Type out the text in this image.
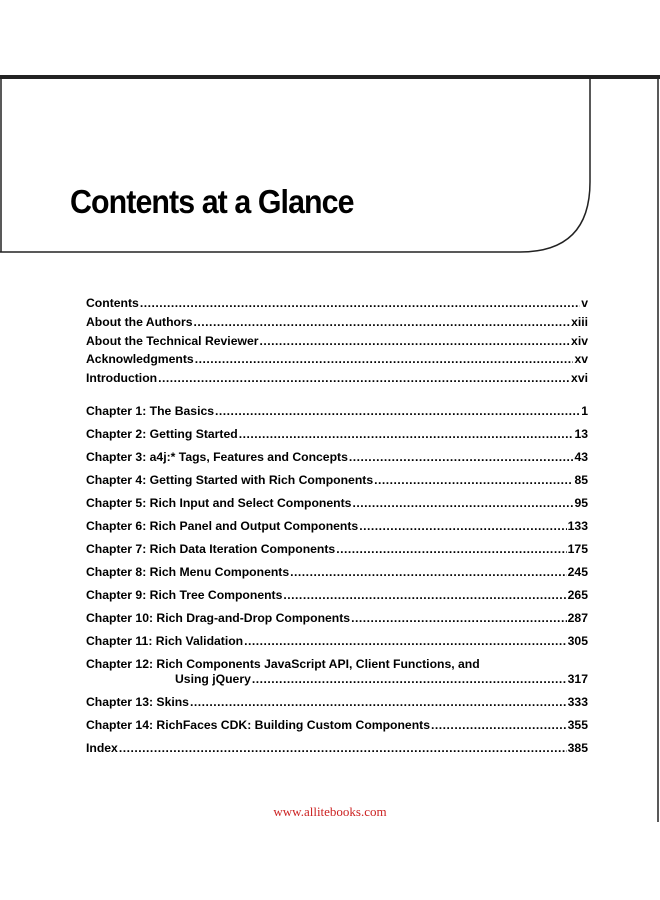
Contents at a Glance
Contents .....	v
About the Authors .....	xiii
About the Technical Reviewer .....	xiv
Acknowledgments .....	xv
Introduction .....	xvi
Chapter 1: The Basics .....	1
Chapter 2: Getting Started .....	13
Chapter 3: a4j:* Tags, Features and Concepts .....	43
Chapter 4: Getting Started with Rich Components .....	85
Chapter 5: Rich Input and Select Components .....	95
Chapter 6: Rich Panel and Output Components .....	133
Chapter 7: Rich Data Iteration Components .....	175
Chapter 8: Rich Menu Components .....	245
Chapter 9: Rich Tree Components .....	265
Chapter 10: Rich Drag-and-Drop Components .....	287
Chapter 11: Rich Validation .....	305
Chapter 12: Rich Components JavaScript API, Client Functions, and
Using jQuery .....	317
Chapter 13: Skins .....	333
Chapter 14: RichFaces CDK: Building Custom Components .....	355
Index .....	385
www.allitebooks.com
